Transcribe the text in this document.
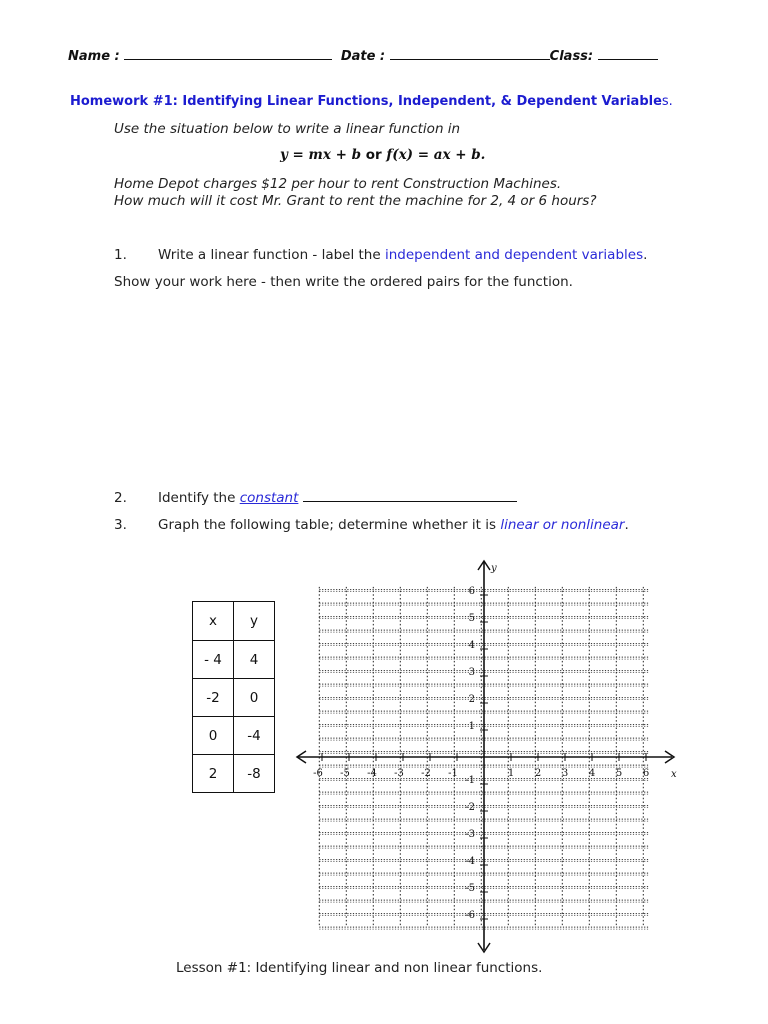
Name :	Date :	Class:
Homework #1: Identifying Linear Functions, Independent, & Dependent Variables.
Use the situation below to write a linear function in
y = mx + b or f(x) = ax + b.
Home Depot charges $12 per hour to rent Construction Machines.
How much will it cost Mr. Grant to rent the machine for 2, 4 or 6 hours?
1. Write a linear function - label the independent and dependent variables.
Show your work here - then write the ordered pairs for the function.
2. Identify the constant
3. Graph the following table; determine whether it is linear or nonlinear.
x	y
- 4	4
-2	0
0	-4
2	-8	-6 -5 -4 -3 -2 -1	1 2 3 4 5 6
6
5
4
3
2
1
-1
-2
-3
-4
-5
-6
x
y
Lesson #1: Identifying linear and non linear functions.
